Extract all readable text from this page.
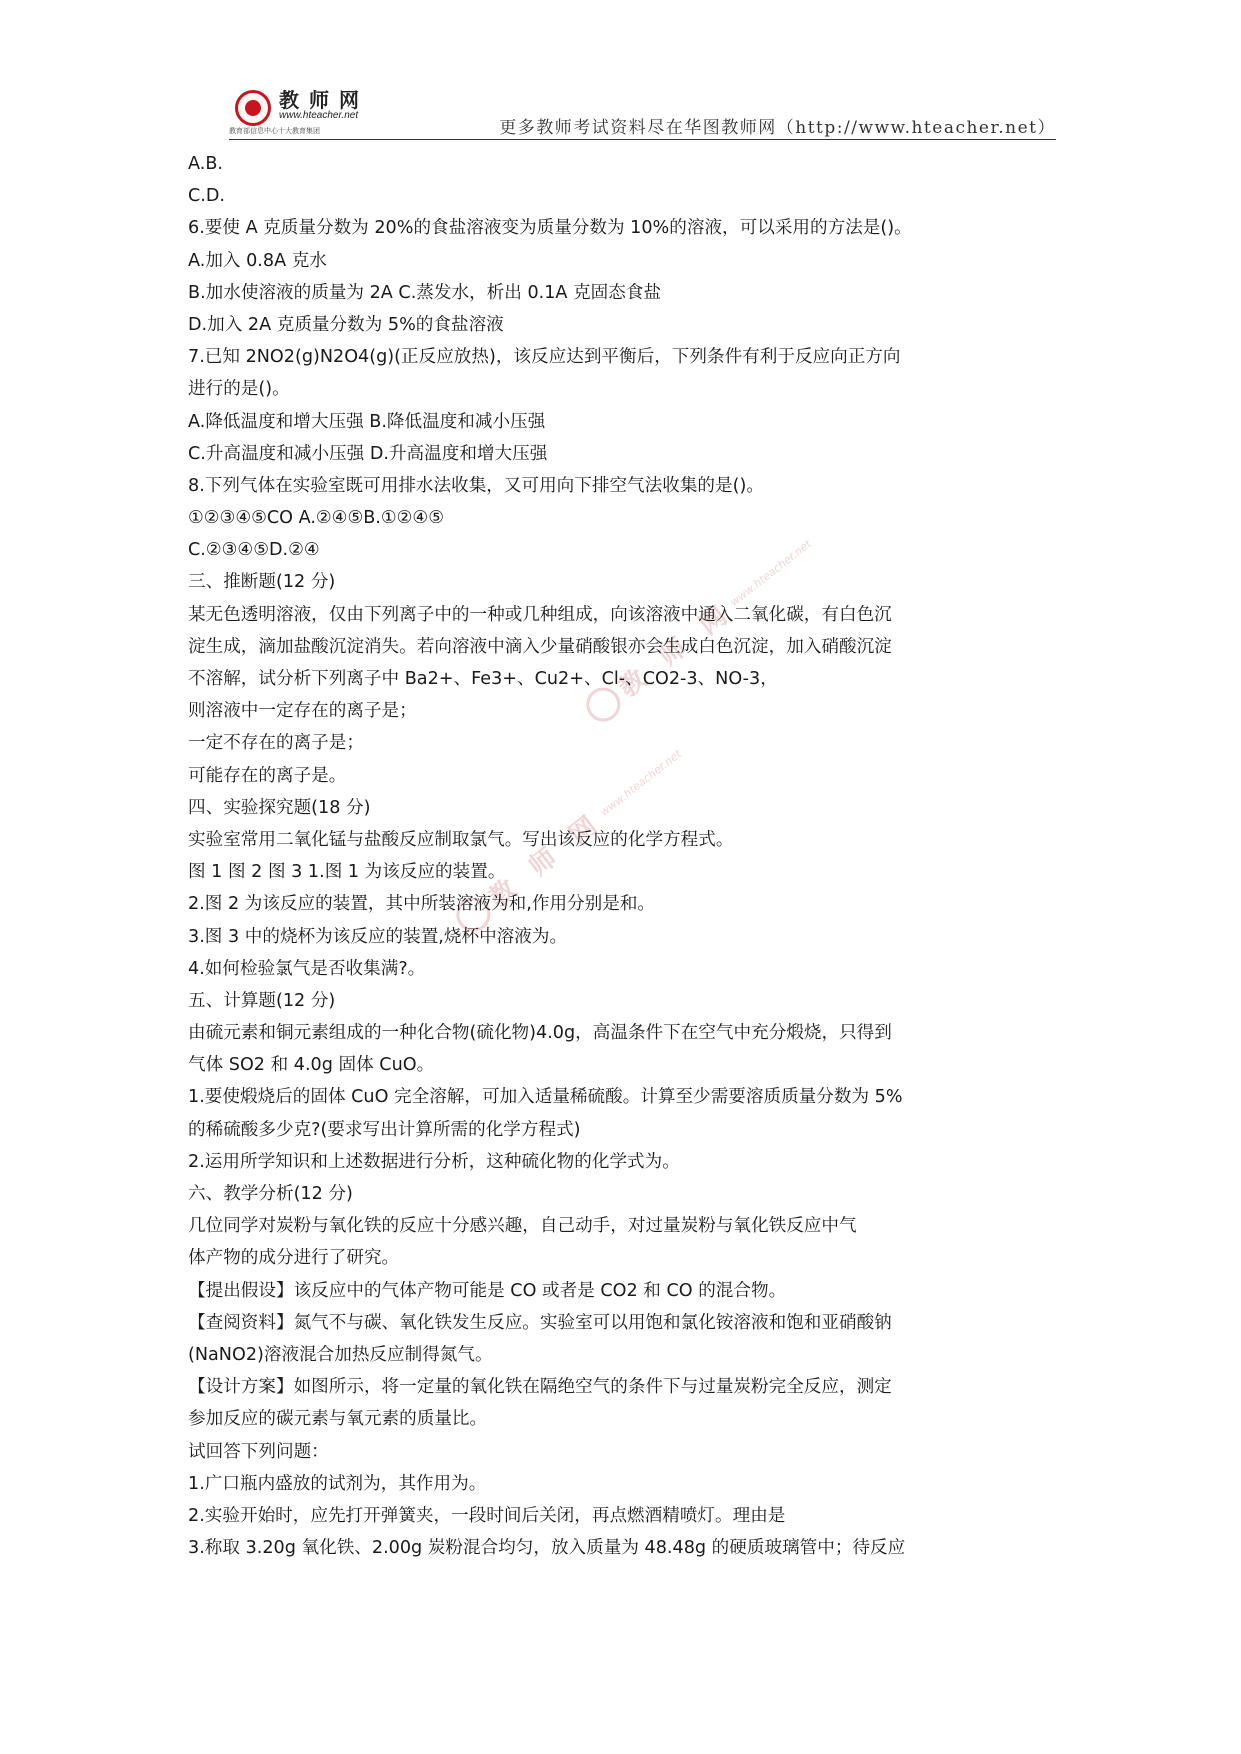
教师网
www.hteacher.net
教育部信息中心十大教育集团	更多教师考试资料尽在华图教师网（http://www.hteacher.net）
教 师 网www.hteacher.net
教 师 网www.hteacher.net
A.B.
C.D.
6.要使 A 克质量分数为 20%的食盐溶液变为质量分数为 10%的溶液，可以采用的方法是()。
A.加入 0.8A 克水
B.加水使溶液的质量为 2A C.蒸发水，析出 0.1A 克固态食盐
D.加入 2A 克质量分数为 5%的食盐溶液
7.已知 2NO2(g)N2O4(g)(正反应放热)，该反应达到平衡后，下列条件有利于反应向正方向
进行的是()。
A.降低温度和增大压强 B.降低温度和减小压强
C.升高温度和减小压强 D.升高温度和增大压强
8.下列气体在实验室既可用排水法收集，又可用向下排空气法收集的是()。
①②③④⑤CO A.②④⑤B.①②④⑤
C.②③④⑤D.②④
三、推断题(12 分)
某无色透明溶液，仅由下列离子中的一种或几种组成，向该溶液中通入二氧化碳，有白色沉
淀生成，滴加盐酸沉淀消失。若向溶液中滴入少量硝酸银亦会生成白色沉淀，加入硝酸沉淀
不溶解，试分析下列离子中 Ba2+、Fe3+、Cu2+、Cl-、CO2-3、NO-3，
则溶液中一定存在的离子是；
一定不存在的离子是；
可能存在的离子是。
四、实验探究题(18 分)
实验室常用二氧化锰与盐酸反应制取氯气。写出该反应的化学方程式。
图 1 图 2 图 3 1.图 1 为该反应的装置。
2.图 2 为该反应的装置，其中所装溶液为和,作用分别是和。
3.图 3 中的烧杯为该反应的装置,烧杯中溶液为。
4.如何检验氯气是否收集满?。
五、计算题(12 分)
由硫元素和铜元素组成的一种化合物(硫化物)4.0g，高温条件下在空气中充分煅烧，只得到
气体 SO2 和 4.0g 固体 CuO。
1.要使煅烧后的固体 CuO 完全溶解，可加入适量稀硫酸。计算至少需要溶质质量分数为 5%
的稀硫酸多少克?(要求写出计算所需的化学方程式)
2.运用所学知识和上述数据进行分析，这种硫化物的化学式为。
六、教学分析(12 分)
几位同学对炭粉与氧化铁的反应十分感兴趣，自己动手，对过量炭粉与氧化铁反应中气
体产物的成分进行了研究。
【提出假设】该反应中的气体产物可能是 CO 或者是 CO2 和 CO 的混合物。
【查阅资料】氮气不与碳、氧化铁发生反应。实验室可以用饱和氯化铵溶液和饱和亚硝酸钠
(NaNO2)溶液混合加热反应制得氮气。
【设计方案】如图所示，将一定量的氧化铁在隔绝空气的条件下与过量炭粉完全反应，测定
参加反应的碳元素与氧元素的质量比。
试回答下列问题：
1.广口瓶内盛放的试剂为，其作用为。
2.实验开始时，应先打开弹簧夹，一段时间后关闭，再点燃酒精喷灯。理由是
3.称取 3.20g 氧化铁、2.00g 炭粉混合均匀，放入质量为 48.48g 的硬质玻璃管中；待反应
